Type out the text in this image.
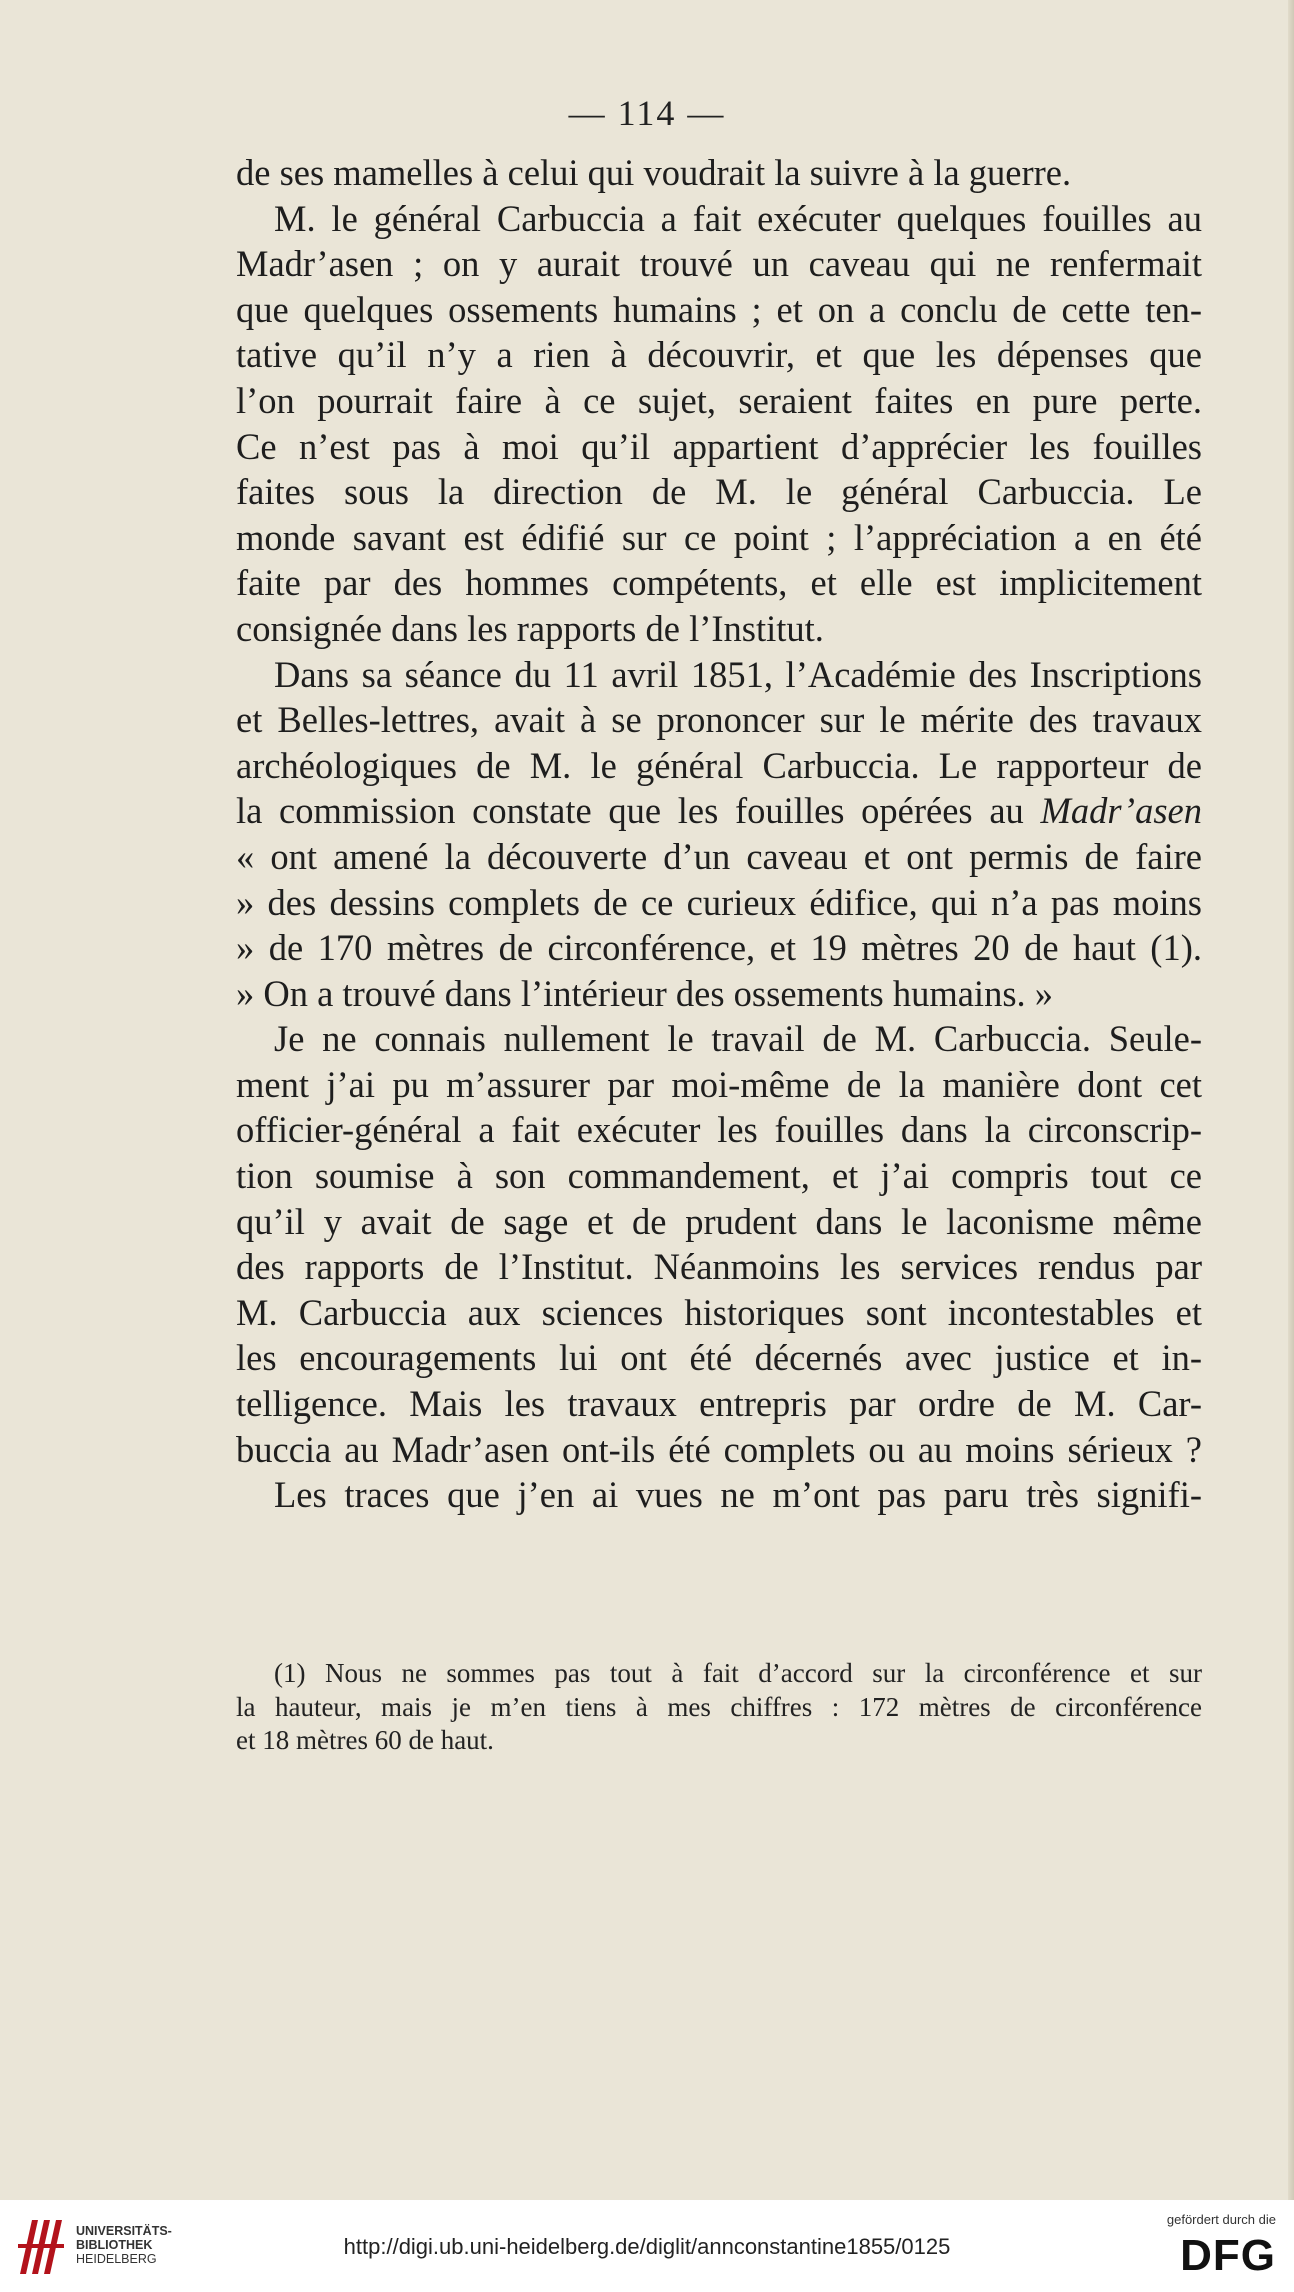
— 114 —

de ses mamelles à celui qui voudrait la suivre à la guerre.

M. le général Carbuccia a fait exécuter quelques fouilles au
Madr’asen ; on y aurait trouvé un caveau qui ne renfermait
que quelques ossements humains ; et on a conclu de cette ten-
tative qu’il n’y a rien à découvrir, et que les dépenses que
l’on pourrait faire à ce sujet, seraient faites en pure perte.
Ce n’est pas à moi qu’il appartient d’apprécier les fouilles
faites sous la direction de M. le général Carbuccia. Le
monde savant est édifié sur ce point ; l’appréciation a en été
faite par des hommes compétents, et elle est implicitement
consignée dans les rapports de l’Institut.

Dans sa séance du 11 avril 1851, l’Académie des Inscriptions
et Belles-lettres, avait à se prononcer sur le mérite des travaux
archéologiques de M. le général Carbuccia. Le rapporteur de
la commission constate que les fouilles opérées au Madr’asen
« ont amené la découverte d’un caveau et ont permis de faire
» des dessins complets de ce curieux édifice, qui n’a pas moins
» de 170 mètres de circonférence, et 19 mètres 20 de haut (1).
» On a trouvé dans l’intérieur des ossements humains. »

Je ne connais nullement le travail de M. Carbuccia. Seule-
ment j’ai pu m’assurer par moi-même de la manière dont cet
officier-général a fait exécuter les fouilles dans la circonscrip-
tion soumise à son commandement, et j’ai compris tout ce
qu’il y avait de sage et de prudent dans le laconisme même
des rapports de l’Institut. Néanmoins les services rendus par
M. Carbuccia aux sciences historiques sont incontestables et
les encouragements lui ont été décernés avec justice et in-
telligence. Mais les travaux entrepris par ordre de M. Car-
buccia au Madr’asen ont-ils été complets ou au moins sérieux ?

Les traces que j’en ai vues ne m’ont pas paru très signifi-

(1) Nous ne sommes pas tout à fait d’accord sur la circonférence et sur
la hauteur, mais je m’en tiens à mes chiffres : 172 mètres de circonférence
et 18 mètres 60 de haut.
UNIVERSITÄTS-
BIBLIOTHEK
HEIDELBERG	http://digi.ub.uni-heidelberg.de/diglit/annconstantine1855/0125
gefördert durch die
DFG
